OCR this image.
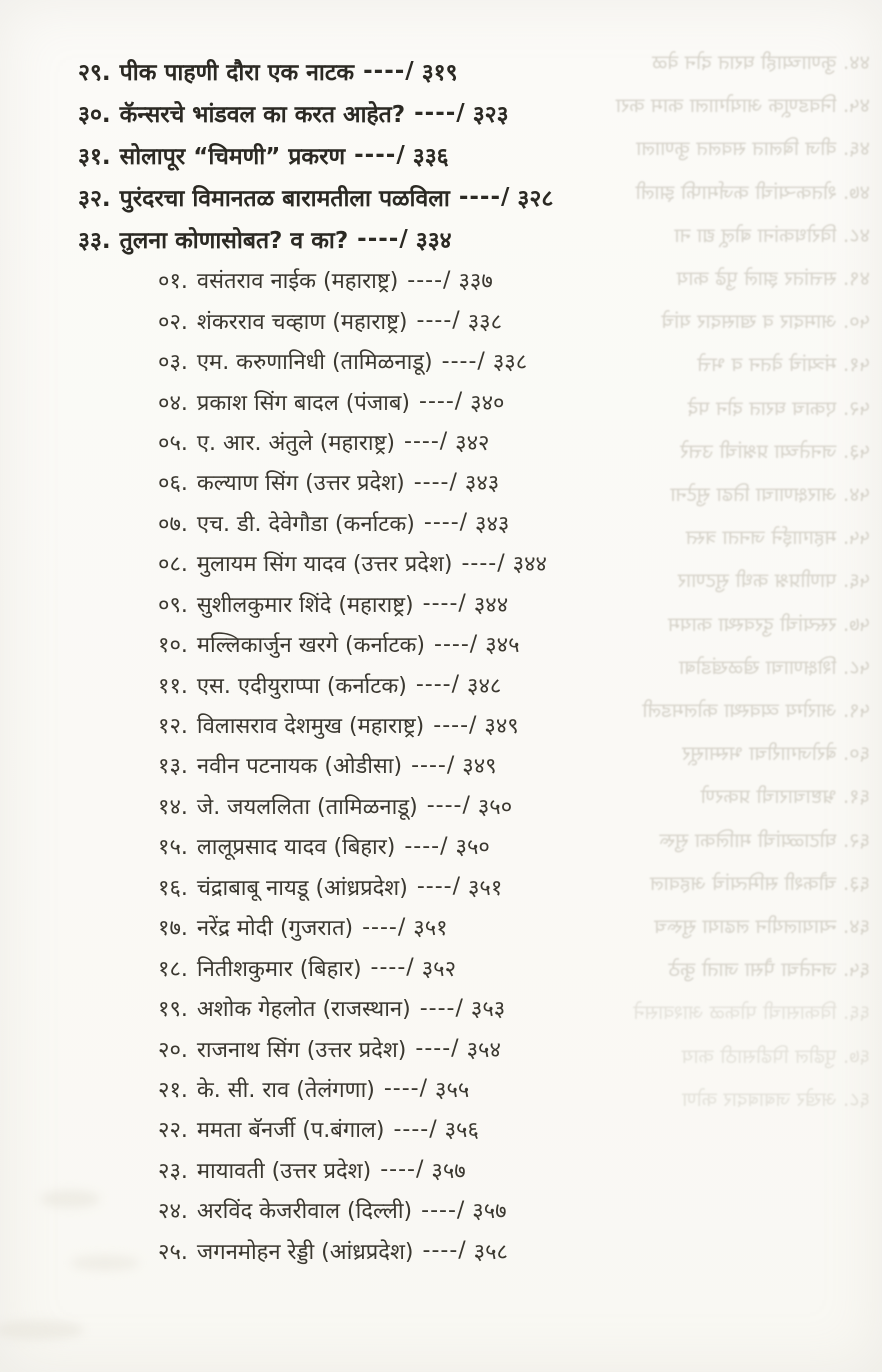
४४. कुणाच्याही घरात दोन वेळ
४५. निवडणूक आयोगाला काम करा
४६. वीज बिलात सवलत कुणाला
४७. शेतकऱ्यांची कर्जमाफी झाली
४८. विरोधकांना बोलू द्या ना
४९. सत्तांतर झाले पुढे काय
५०. आमदार व खासदार यांचे
५१. मंत्र्यांचे वेतन व भत्ते
५२. एकाच घरात दोन पदे
५३. जनतेच्या प्रश्नांची उत्तरे
५४. आरक्षणाचा तिढा सुटेना
५५. महागाईने जनता त्रस्त
५६. पाणीप्रश्न कधी सुटणार
५७. रस्त्यांची दुरवस्था कायम
५८. शिक्षणाचा खेळखंडोबा
५९. आरोग्य व्यवस्था कोलमडली
६०. बेरोजगारीचा भस्मासूर
६१. भ्रष्टाचाराची प्रकरणे
६२. घोटाळ्यांची मालिका सुरू
६३. चौकशी समित्यांचे अहवाल
६४. न्यायालयीन लढाया सुरूच
६५. जनतेचा पैसा जातो कुठे
६६. विकासाची पोकळ आश्वासने
६७. पुढील पिढीसाठी काय
६८. अखेर जबाबदार कोण
२९. पीक पाहणी दौरा एक नाटक ----/ ३१९
३०. कॅन्सरचे भांडवल का करत आहेत? ----/ ३२३
३१. सोलापूर “चिमणी” प्रकरण ----/ ३३६
३२. पुरंदरचा विमानतळ बारामतीला पळविला ----/ ३२८
३३. तुलना कोणासोबत? व का? ----/ ३३४
०१. वसंतराव नाईक (महाराष्ट्र) ----/ ३३७
०२. शंकरराव चव्हाण (महाराष्ट्र) ----/ ३३८
०३. एम. करुणानिधी (तामिळनाडू) ----/ ३३८
०४. प्रकाश सिंग बादल (पंजाब) ----/ ३४०
०५. ए. आर. अंतुले (महाराष्ट्र) ----/ ३४२
०६. कल्याण सिंग (उत्तर प्रदेश) ----/ ३४३
०७. एच. डी. देवेगौडा (कर्नाटक) ----/ ३४३
०८. मुलायम सिंग यादव (उत्तर प्रदेश) ----/ ३४४
०९. सुशीलकुमार शिंदे (महाराष्ट्र) ----/ ३४४
१०. मल्लिकार्जुन खरगे (कर्नाटक) ----/ ३४५
११. एस. एदीयुराप्पा (कर्नाटक) ----/ ३४८
१२. विलासराव देशमुख (महाराष्ट्र) ----/ ३४९
१३. नवीन पटनायक (ओडीसा) ----/ ३४९
१४. जे. जयललिता (तामिळनाडू) ----/ ३५०
१५. लालूप्रसाद यादव (बिहार) ----/ ३५०
१६. चंद्राबाबू नायडू (आंध्रप्रदेश) ----/ ३५१
१७. नरेंद्र मोदी (गुजरात) ----/ ३५१
१८. नितीशकुमार (बिहार) ----/ ३५२
१९. अशोक गेहलोत (राजस्थान) ----/ ३५३
२०. राजनाथ सिंग (उत्तर प्रदेश) ----/ ३५४
२१. के. सी. राव (तेलंगणा) ----/ ३५५
२२. ममता बॅनर्जी (प.बंगाल) ----/ ३५६
२३. मायावती (उत्तर प्रदेश) ----/ ३५७
२४. अरविंद केजरीवाल (दिल्ली) ----/ ३५७
२५. जगनमोहन रेड्डी (आंध्रप्रदेश) ----/ ३५८
